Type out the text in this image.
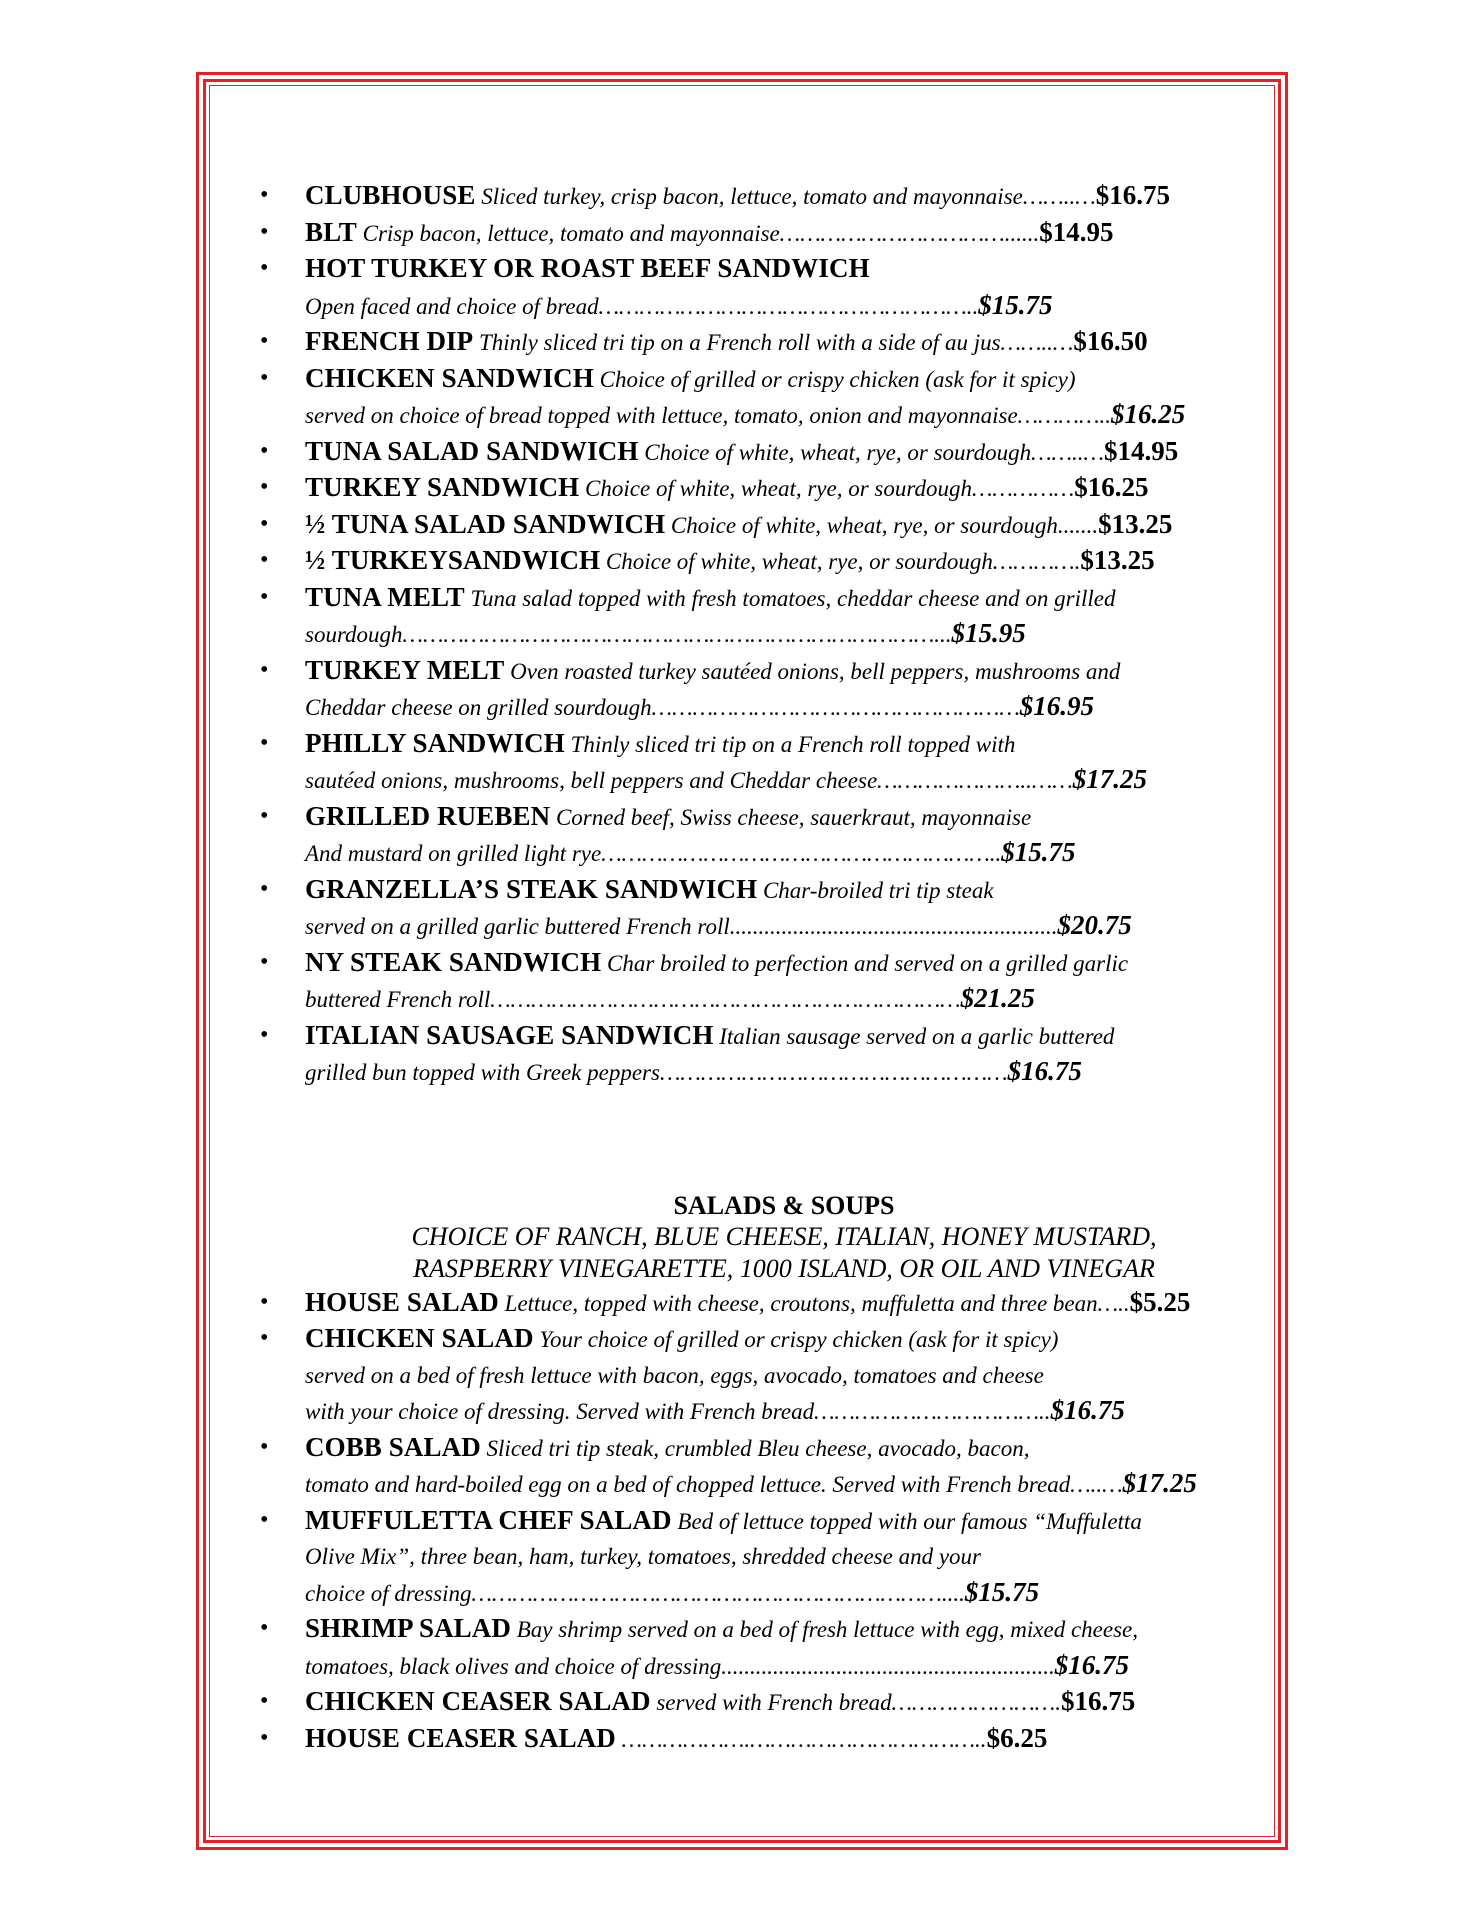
• CLUBHOUSE Sliced turkey, crisp bacon, lettuce, tomato and mayonnaise……..…$16.75
• BLT Crisp bacon, lettuce, tomato and mayonnaise……………………………......$14.95
• HOT TURKEY OR ROAST BEEF SANDWICH
Open faced and choice of bread………………………………………………..$15.75
• FRENCH DIP Thinly sliced tri tip on a French roll with a side of au jus……..…$16.50
• CHICKEN SANDWICH Choice of grilled or crispy chicken (ask for it spicy)
served on choice of bread topped with lettuce, tomato, onion and mayonnaise…………..$16.25
• TUNA SALAD SANDWICH Choice of white, wheat, rye, or sourdough……..…$14.95
• TURKEY SANDWICH Choice of white, wheat, rye, or sourdough……………$16.25
• ½ TUNA SALAD SANDWICH Choice of white, wheat, rye, or sourdough.......$13.25
• ½ TURKEYSANDWICH Choice of white, wheat, rye, or sourdough………….$13.25
• TUNA MELT Tuna salad topped with fresh tomatoes, cheddar cheese and on grilled
sourdough……………………………………………………………………...$15.95
• TURKEY MELT Oven roasted turkey sautéed onions, bell peppers, mushrooms and
Cheddar cheese on grilled sourdough………………………………………………$16.95
• PHILLY SANDWICH Thinly sliced tri tip on a French roll topped with
sautéed onions, mushrooms, bell peppers and Cheddar cheese…………………..……$17.25
• GRILLED RUEBEN Corned beef, Swiss cheese, sauerkraut, mayonnaise
And mustard on grilled light rye…………………………………………………..$15.75
• GRANZELLA’S STEAK SANDWICH Char-broiled tri tip steak
served on a grilled garlic buttered French roll.........................................................$20.75
• NY STEAK SANDWICH Char broiled to perfection and served on a grilled garlic
buttered French roll……………………………………………………………$21.25
• ITALIAN SAUSAGE SANDWICH Italian sausage served on a garlic buttered
grilled bun topped with Greek peppers……………………………………………$16.75
SALADS & SOUPS
CHOICE OF RANCH, BLUE CHEESE, ITALIAN, HONEY MUSTARD,
RASPBERRY VINEGARETTE, 1000 ISLAND, OR OIL AND VINEGAR
• HOUSE SALAD Lettuce, topped with cheese, croutons, muffuletta and three bean…..$5.25
• CHICKEN SALAD Your choice of grilled or crispy chicken (ask for it spicy)
served on a bed of fresh lettuce with bacon, eggs, avocado, tomatoes and cheese
with your choice of dressing. Served with French bread……………………………..$16.75
• COBB SALAD Sliced tri tip steak, crumbled Bleu cheese, avocado, bacon,
tomato and hard-boiled egg on a bed of chopped lettuce. Served with French bread…..…$17.25
• MUFFULETTA CHEF SALAD Bed of lettuce topped with our famous “Muffuletta
Olive Mix”, three bean, ham, turkey, tomatoes, shredded cheese and your
choice of dressing……………………………………………………………....$15.75
• SHRIMP SALAD Bay shrimp served on a bed of fresh lettuce with egg, mixed cheese,
tomatoes, black olives and choice of dressing..........................................................$16.75
• CHICKEN CEASER SALAD served with French bread…………………….$16.75
• HOUSE CEASER SALAD ……………….……………………………..$6.25
